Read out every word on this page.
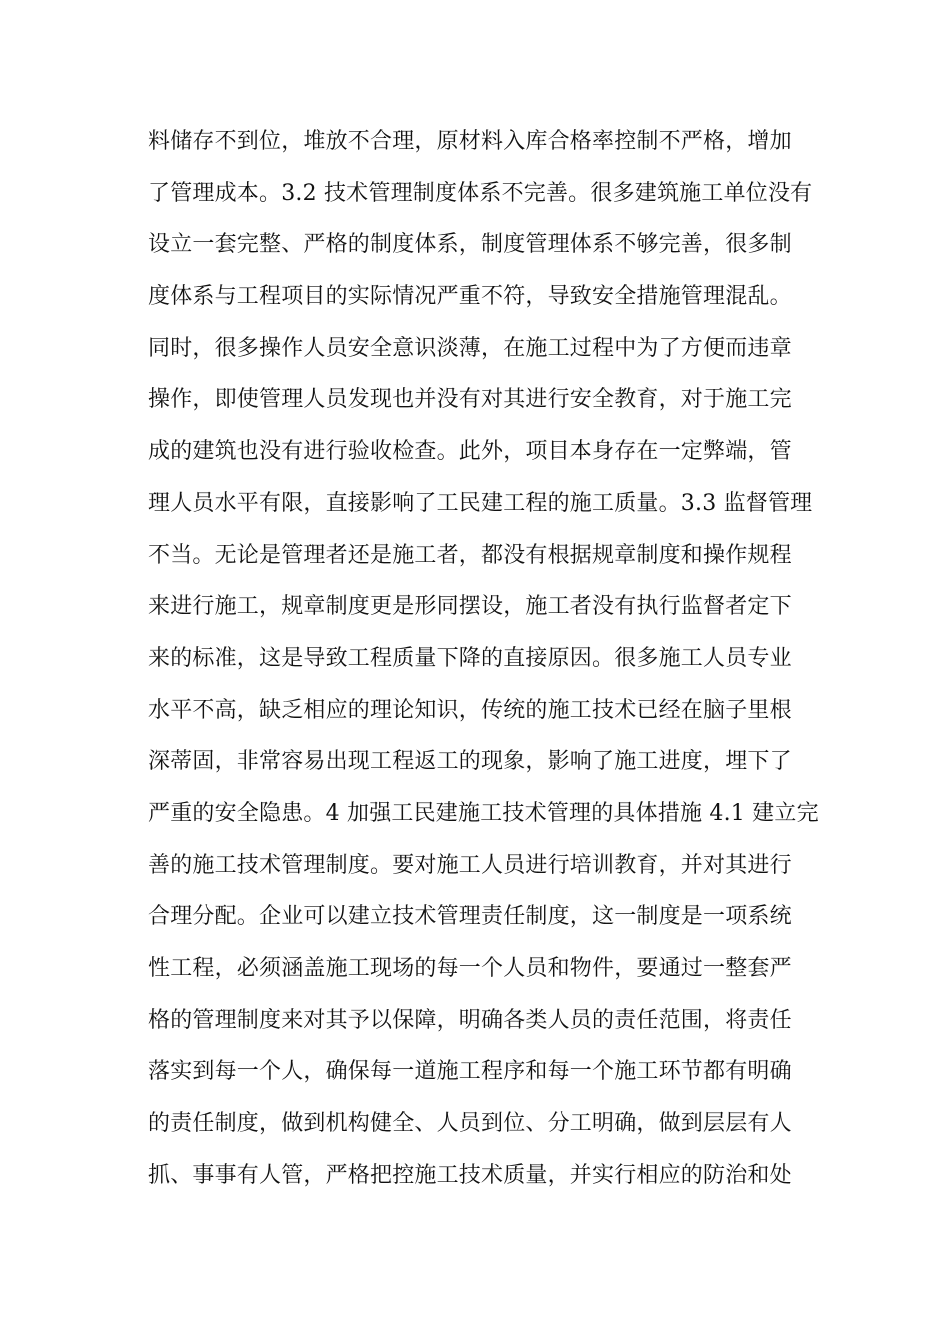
料储存不到位，堆放不合理，原材料入库合格率控制不严格，增加
了管理成本。3.2 技术管理制度体系不完善。很多建筑施工单位没有
设立一套完整、严格的制度体系，制度管理体系不够完善，很多制
度体系与工程项目的实际情况严重不符，导致安全措施管理混乱。
同时，很多操作人员安全意识淡薄，在施工过程中为了方便而违章
操作，即使管理人员发现也并没有对其进行安全教育，对于施工完
成的建筑也没有进行验收检查。此外，项目本身存在一定弊端，管
理人员水平有限，直接影响了工民建工程的施工质量。3.3 监督管理
不当。无论是管理者还是施工者，都没有根据规章制度和操作规程
来进行施工，规章制度更是形同摆设，施工者没有执行监督者定下
来的标准，这是导致工程质量下降的直接原因。很多施工人员专业
水平不高，缺乏相应的理论知识，传统的施工技术已经在脑子里根
深蒂固，非常容易出现工程返工的现象，影响了施工进度，埋下了
严重的安全隐患。4 加强工民建施工技术管理的具体措施 4.1 建立完
善的施工技术管理制度。要对施工人员进行培训教育，并对其进行
合理分配。企业可以建立技术管理责任制度，这一制度是一项系统
性工程，必须涵盖施工现场的每一个人员和物件，要通过一整套严
格的管理制度来对其予以保障，明确各类人员的责任范围，将责任
落实到每一个人，确保每一道施工程序和每一个施工环节都有明确
的责任制度，做到机构健全、人员到位、分工明确，做到层层有人
抓、事事有人管，严格把控施工技术质量，并实行相应的防治和处
